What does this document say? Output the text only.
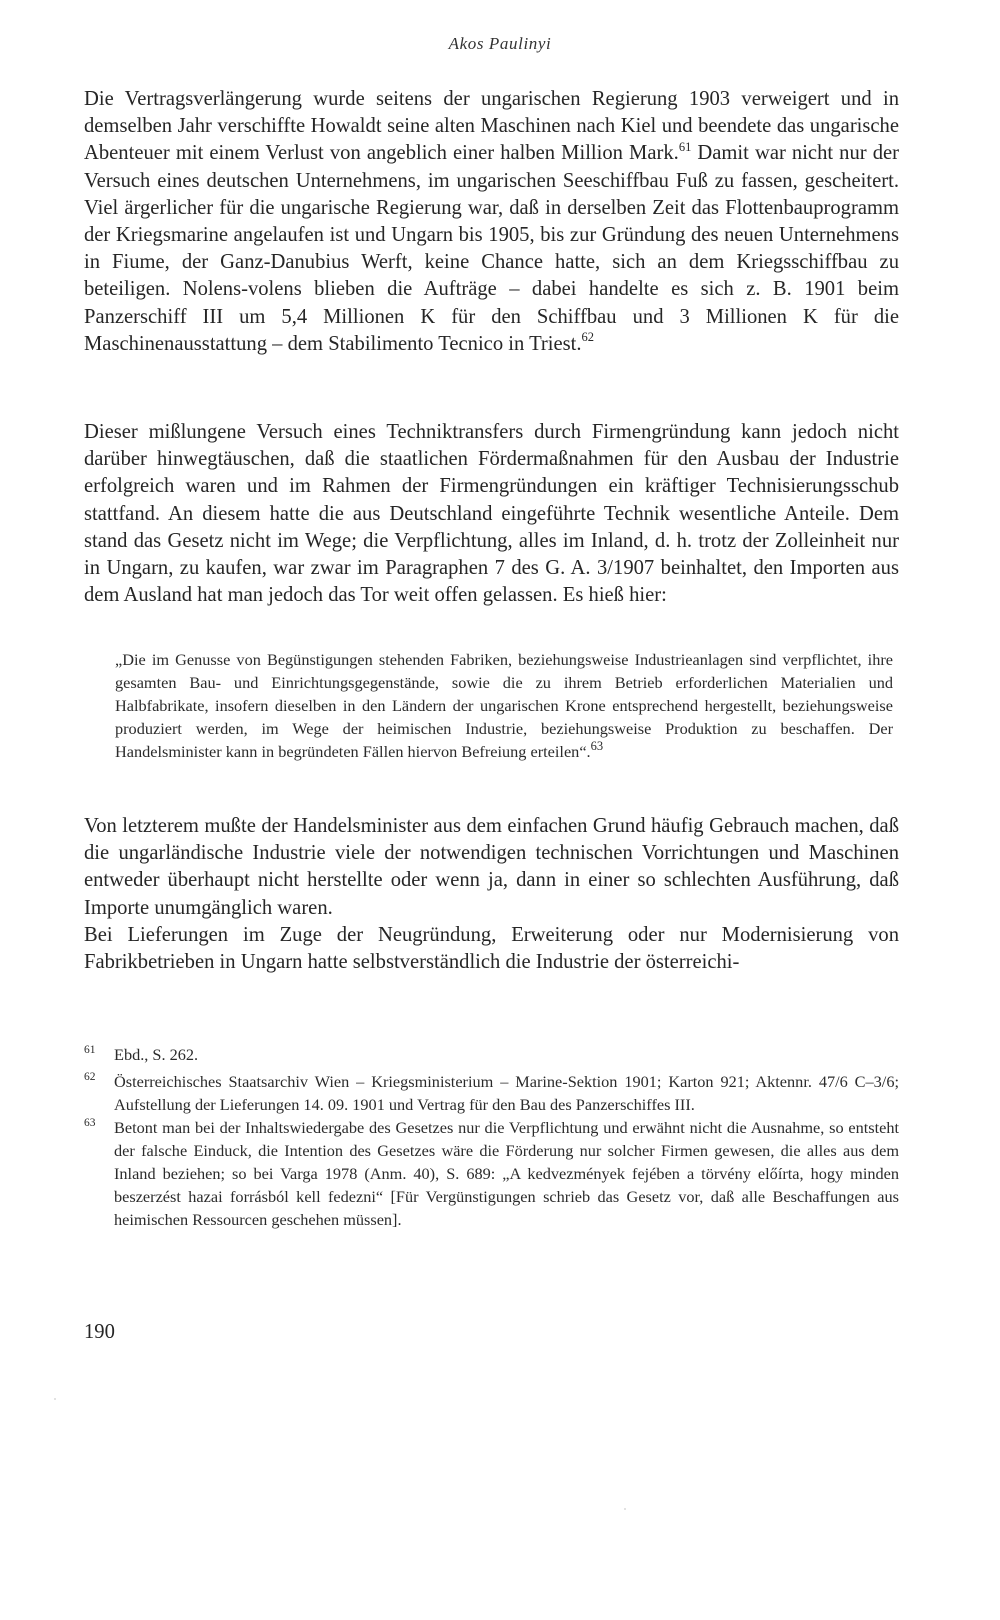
Akos Paulinyi

Die Vertragsverlängerung wurde seitens der ungarischen Regierung 1903 verweigert und in demselben Jahr verschiffte Howaldt seine alten Maschinen nach Kiel und beendete das ungarische Abenteuer mit einem Verlust von angeblich einer halben Million Mark.$^{61}$ Damit war nicht nur der Versuch eines deutschen Unternehmens, im ungarischen Seeschiffbau Fuß zu fassen, gescheitert. Viel ärgerlicher für die ungarische Regierung war, daß in derselben Zeit das Flottenbauprogramm der Kriegsmarine angelaufen ist und Ungarn bis 1905, bis zur Gründung des neuen Unternehmens in Fiume, der Ganz-Danubius Werft, keine Chance hatte, sich an dem Kriegsschiffbau zu beteiligen. Nolens-volens blieben die Aufträge – dabei handelte es sich z. B. 1901 beim Panzerschiff III um 5,4 Millionen K für den Schiffbau und 3 Millionen K für die Maschinenausstattung – dem Stabilimento Tecnico in Triest.$^{62}$

Dieser mißlungene Versuch eines Techniktransfers durch Firmengründung kann jedoch nicht darüber hinwegtäuschen, daß die staatlichen Fördermaßnahmen für den Ausbau der Industrie erfolgreich waren und im Rahmen der Firmengründungen ein kräftiger Technisierungsschub stattfand. An diesem hatte die aus Deutschland eingeführte Technik wesentliche Anteile. Dem stand das Gesetz nicht im Wege; die Verpflichtung, alles im Inland, d. h. trotz der Zolleinheit nur in Ungarn, zu kaufen, war zwar im Paragraphen 7 des G. A. 3/1907 beinhaltet, den Importen aus dem Ausland hat man jedoch das Tor weit offen gelassen. Es hieß hier:

„Die im Genusse von Begünstigungen stehenden Fabriken, beziehungsweise Industrieanlagen sind verpflichtet, ihre gesamten Bau- und Einrichtungsgegenstände, sowie die zu ihrem Betrieb erforderlichen Materialien und Halbfabrikate, insofern dieselben in den Ländern der ungarischen Krone entsprechend hergestellt, beziehungsweise produziert werden, im Wege der heimischen Industrie, beziehungsweise Produktion zu beschaffen. Der Handelsminister kann in begründeten Fällen hiervon Befreiung erteilen“.$^{63}$

Von letzterem mußte der Handelsminister aus dem einfachen Grund häufig Gebrauch machen, daß die ungarländische Industrie viele der notwendigen technischen Vorrichtungen und Maschinen entweder überhaupt nicht herstellte oder wenn ja, dann in einer so schlechten Ausführung, daß Importe unumgänglich waren.

Bei Lieferungen im Zuge der Neugründung, Erweiterung oder nur Modernisierung von Fabrikbetrieben in Ungarn hatte selbstverständlich die Industrie der österreichi-

61 Ebd., S. 262.
62 Österreichisches Staatsarchiv Wien – Kriegsministerium – Marine-Sektion 1901; Karton 921; Aktennr. 47/6 C–3/6; Aufstellung der Lieferungen 14. 09. 1901 und Vertrag für den Bau des Panzerschiffes III.
63 Betont man bei der Inhaltswiedergabe des Gesetzes nur die Verpflichtung und erwähnt nicht die Ausnahme, so entsteht der falsche Einduck, die Intention des Gesetzes wäre die Förderung nur solcher Firmen gewesen, die alles aus dem Inland beziehen; so bei Varga 1978 (Anm. 40), S. 689: „A kedvezmények fejében a törvény előírta, hogy minden beszerzést hazai forrásból kell fedezni“ [Für Vergünstigungen schrieb das Gesetz vor, daß alle Beschaffungen aus heimischen Ressourcen geschehen müssen].
190
